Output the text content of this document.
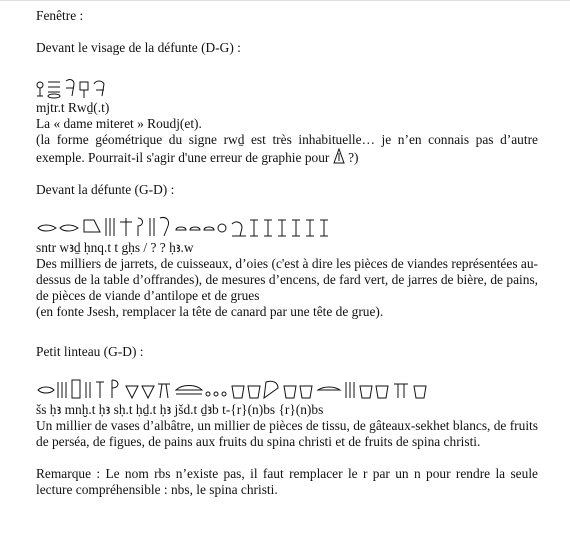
Fenêtre :

Devant le visage de la défunte (D-G) :

mjtr.t Rwḏ(.t)

La « dame miteret » Roudj(et).

(la forme géométrique du signe rwḏ est très inhabituelle… je n’en connais pas d’autre exemple. Pourrait-il s'agir d'une erreur de graphie pour ?)

Devant la défunte (G-D) :

sntr wꜣḏ ḥnq.t t gḥs / ? ? ḥꜣ.w

Des milliers de jarrets, de cuisseaux, d’oies (c'est à dire les pièces de viandes représentées au-dessus de la table d’offrandes), de mesures d’encens, de fard vert, de jarres de bière, de pains, de pièces de viande d’antilope et de grues

(en fonte Jsesh, remplacer la tête de canard par une tête de grue).

Petit linteau (G-D) :

šs ḥꜣ mnḫ.t ḥꜣ sḥ.t ḥḏ.t ḥꜣ jšd.t ḏꜣb t-{r}(n)bs {r}(n)bs

Un millier de vases d’albâtre, un millier de pièces de tissu, de gâteaux-sekhet blancs, de fruits de perséa, de figues, de pains aux fruits du spina christi et de fruits de spina christi.

Remarque : Le nom rbs n’existe pas, il faut remplacer le r par un n pour rendre la seule lecture compréhensible : nbs, le spina christi.
